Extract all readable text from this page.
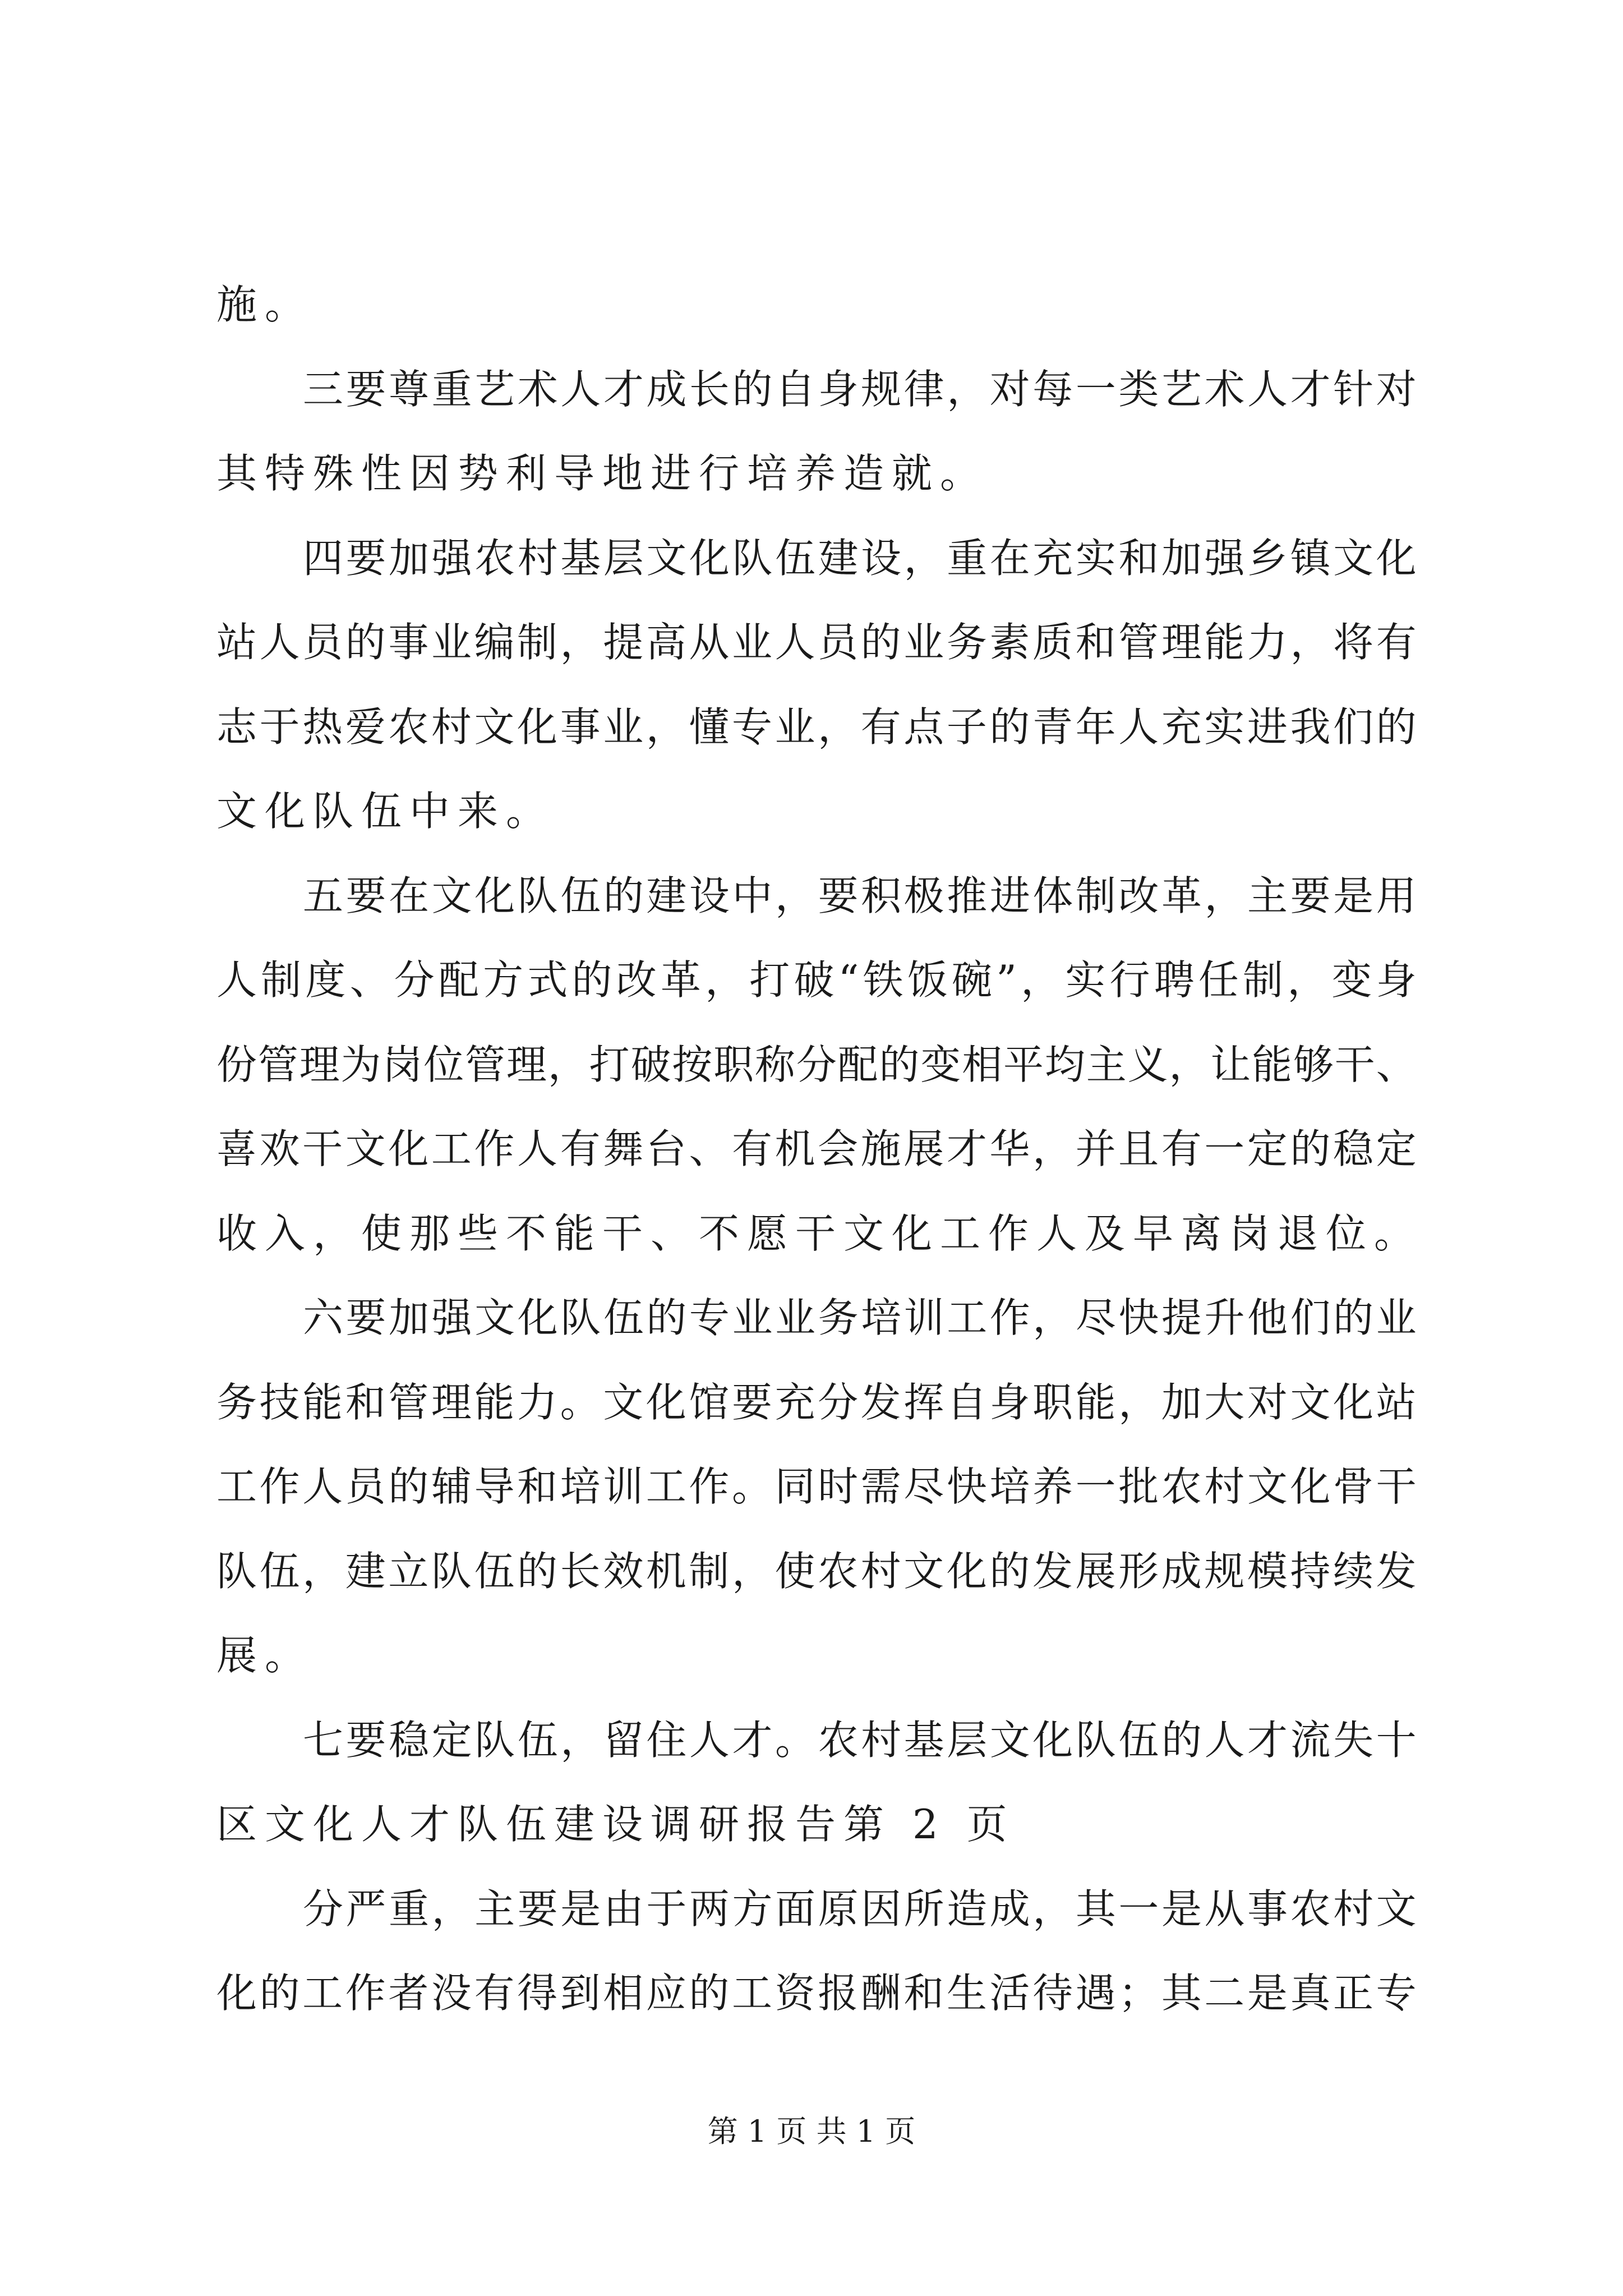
施。
三 要 尊 重 艺 术 人 才 成 长 的 自 身 规 律 ， 对 每 一 类 艺 术 人 才 针 对
其特殊性因势利导地进行培养造就。
四 要 加 强 农 村 基 层 文 化 队 伍 建 设 ， 重 在 充 实 和 加 强 乡 镇 文 化
站 人 员 的 事 业 编 制 ， 提 高 从 业 人 员 的 业 务 素 质 和 管 理 能 力 ， 将 有
志 于 热 爱 农 村 文 化 事 业 ， 懂 专 业 ， 有 点 子 的 青 年 人 充 实 进 我 们 的
文化队伍中来。
五 要 在 文 化 队 伍 的 建 设 中 ， 要 积 极 推 进 体 制 改 革 ， 主 要 是 用
人 制 度 、 分 配 方 式 的 改 革 ， 打 破 “ 铁 饭 碗 ” ， 实 行 聘 任 制 ， 变 身
份 管 理 为 岗 位 管 理 ， 打 破 按 职 称 分 配 的 变 相 平 均 主 义 ， 让 能 够 干 、
喜 欢 干 文 化 工 作 人 有 舞 台 、 有 机 会 施 展 才 华 ， 并 且 有 一 定 的 稳 定
收入，使那些不能干、不愿干文化工作人及早离岗退位。
六 要 加 强 文 化 队 伍 的 专 业 业 务 培 训 工 作 ， 尽 快 提 升 他 们 的 业
务 技 能 和 管 理 能 力 。 文 化 馆 要 充 分 发 挥 自 身 职 能 ， 加 大 对 文 化 站
工 作 人 员 的 辅 导 和 培 训 工 作 。 同 时 需 尽 快 培 养 一 批 农 村 文 化 骨 干
队 伍 ， 建 立 队 伍 的 长 效 机 制 ， 使 农 村 文 化 的 发 展 形 成 规 模 持 续 发
展。
七 要 稳 定 队 伍 ， 留 住 人 才 。 农 村 基 层 文 化 队 伍 的 人 才 流 失 十
区文化人才队伍建设调研报告第 2 页
分 严 重 ， 主 要 是 由 于 两 方 面 原 因 所 造 成 ， 其 一 是 从 事 农 村 文
化 的 工 作 者 没 有 得 到 相 应 的 工 资 报 酬 和 生 活 待 遇 ； 其 二 是 真 正 专
第 1 页 共 1 页
